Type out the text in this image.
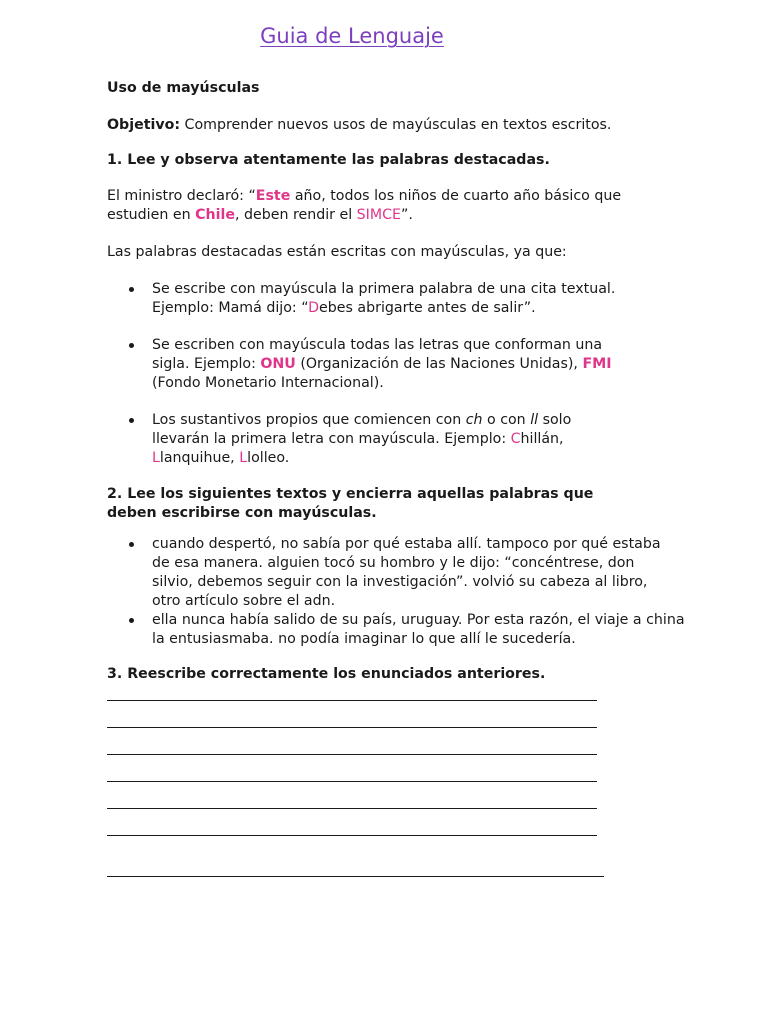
Guia de Lenguaje

Uso de mayúsculas

Objetivo: Comprender nuevos usos de mayúsculas en textos escritos.

1. Lee y observa atentamente las palabras destacadas.

El ministro declaró: “Este año, todos los niños de cuarto año básico que estudien en Chile, deben rendir el SIMCE”.

Las palabras destacadas están escritas con mayúsculas, ya que:

Se escribe con mayúscula la primera palabra de una cita textual. Ejemplo: Mamá dijo: “Debes abrigarte antes de salir”.
Se escriben con mayúscula todas las letras que conforman una sigla. Ejemplo: ONU (Organización de las Naciones Unidas), FMI (Fondo Monetario Internacional).
Los sustantivos propios que comiencen con ch o con ll solo llevarán la primera letra con mayúscula. Ejemplo: Chillán, Llanquihue, Llolleo.

2. Lee los siguientes textos y encierra aquellas palabras que deben escribirse con mayúsculas.

cuando despertó, no sabía por qué estaba allí. tampoco por qué estaba de esa manera. alguien tocó su hombro y le dijo: “concéntrese, don silvio, debemos seguir con la investigación”. volvió su cabeza al libro, otro artículo sobre el adn.
ella nunca había salido de su país, uruguay. Por esta razón, el viaje a china la entusiasmaba. no podía imaginar lo que allí le sucedería.

3. Reescribe correctamente los enunciados anteriores.
